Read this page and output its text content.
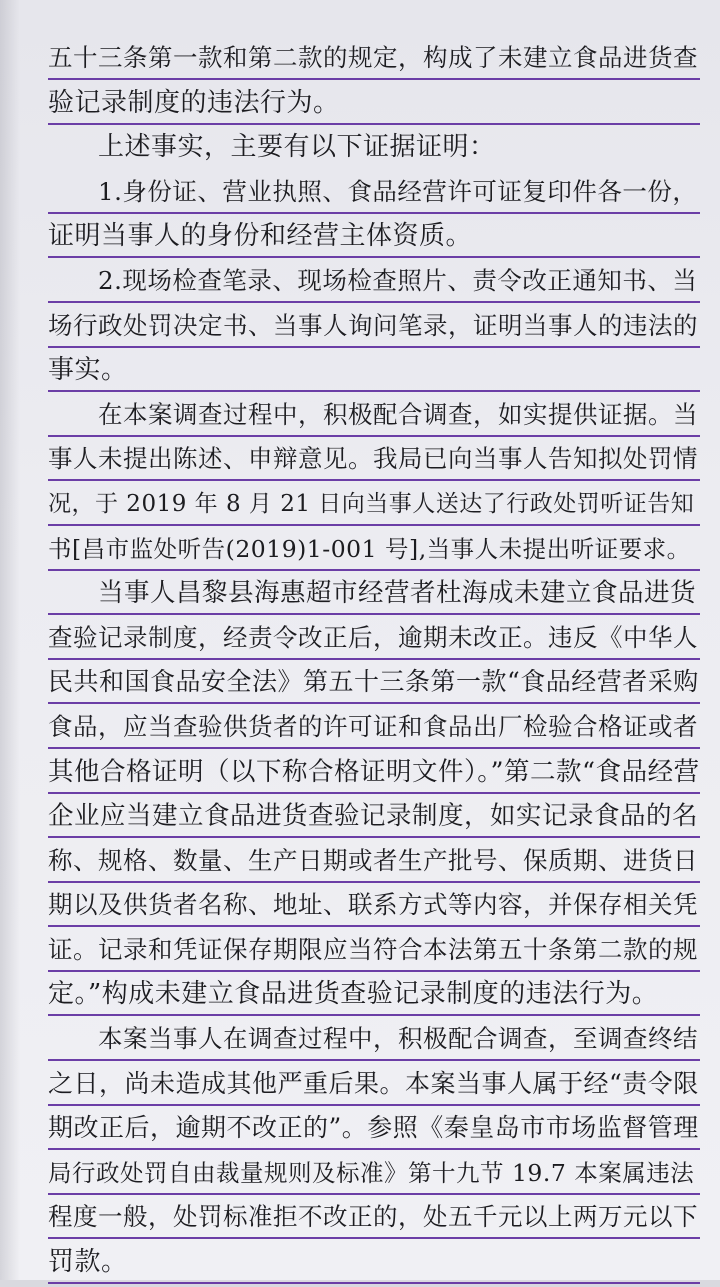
五十三条第一款和第二款的规定，构成了未建立食品进货查
验记录制度的违法行为。
上述事实，主要有以下证据证明：
1.身份证、营业执照、食品经营许可证复印件各一份，
证明当事人的身份和经营主体资质。
2.现场检查笔录、现场检查照片、责令改正通知书、当
场行政处罚决定书、当事人询问笔录，证明当事人的违法的
事实。
在本案调查过程中，积极配合调查，如实提供证据。当
事人未提出陈述、申辩意见。我局已向当事人告知拟处罚情
况，于 2019 年 8 月 21 日向当事人送达了行政处罚听证告知
书[昌市监处听告(2019)1-001 号],当事人未提出听证要求。
当事人昌黎县海惠超市经营者杜海成未建立食品进货
查验记录制度，经责令改正后，逾期未改正。违反《中华人
民共和国食品安全法》第五十三条第一款“食品经营者采购
食品，应当查验供货者的许可证和食品出厂检验合格证或者
其他合格证明（以下称合格证明文件）。”第二款“食品经营
企业应当建立食品进货查验记录制度，如实记录食品的名
称、规格、数量、生产日期或者生产批号、保质期、进货日
期以及供货者名称、地址、联系方式等内容，并保存相关凭
证。记录和凭证保存期限应当符合本法第五十条第二款的规
定。”构成未建立食品进货查验记录制度的违法行为。
本案当事人在调查过程中，积极配合调查，至调查终结
之日，尚未造成其他严重后果。本案当事人属于经“责令限
期改正后，逾期不改正的”。参照《秦皇岛市市场监督管理
局行政处罚自由裁量规则及标准》第十九节 19.7 本案属违法
程度一般，处罚标准拒不改正的，处五千元以上两万元以下
罚款。
